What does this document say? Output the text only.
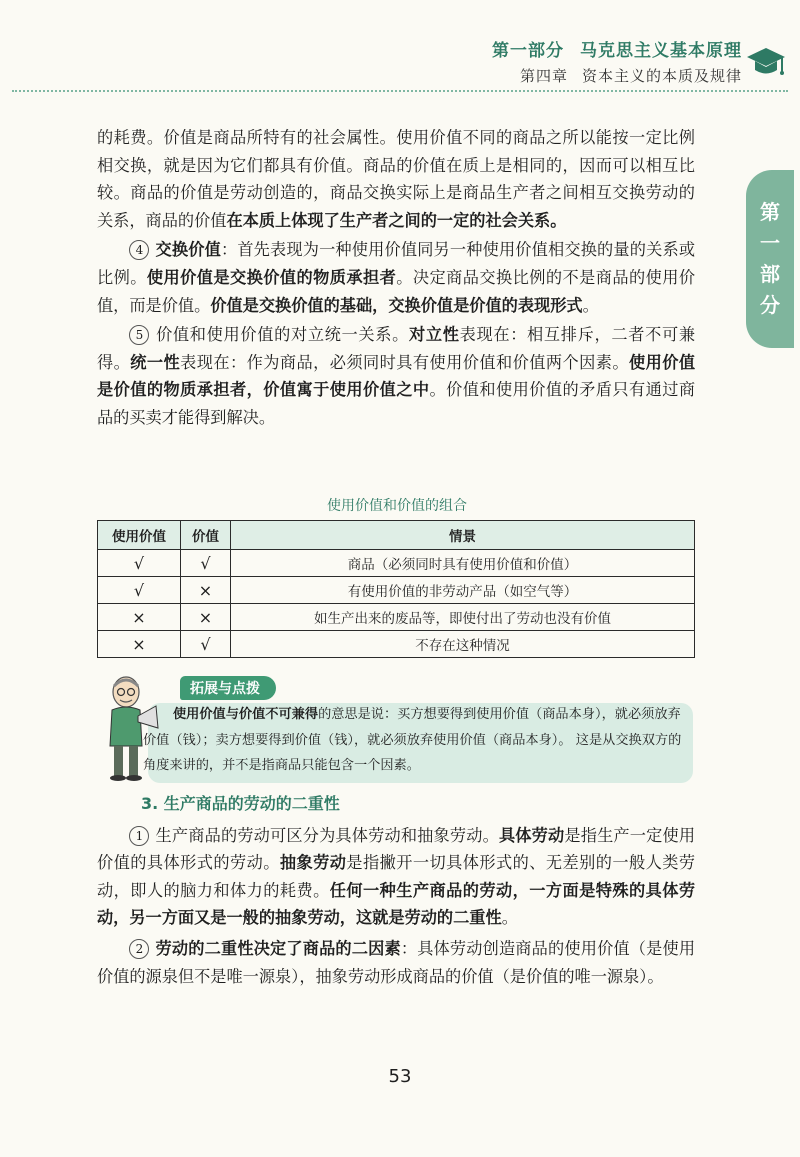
第一部分 马克思主义基本原理
第四章 资本主义的本质及规律
第
一
部
分

的耗费。价值是商品所特有的社会属性。使用价值不同的商品之所以能按一定比例相交换，就是因为它们都具有价值。商品的价值在质上是相同的，因而可以相互比较。商品的价值是劳动创造的，商品交换实际上是商品生产者之间相互交换劳动的关系，商品的价值在本质上体现了生产者之间的一定的社会关系。

4 交换价值：首先表现为一种使用价值同另一种使用价值相交换的量的关系或比例。使用价值是交换价值的物质承担者。决定商品交换比例的不是商品的使用价值，而是价值。价值是交换价值的基础，交换价值是价值的表现形式。

5 价值和使用价值的对立统一关系。对立性表现在：相互排斥，二者不可兼得。统一性表现在：作为商品，必须同时具有使用价值和价值两个因素。使用价值是价值的物质承担者，价值寓于使用价值之中。价值和使用价值的矛盾只有通过商品的买卖才能得到解决。

使用价值和价值的组合
使用价值	价值	情景
√	√	商品（必须同时具有使用价值和价值）
√	×	有使用价值的非劳动产品（如空气等）
×	×	如生产出来的废品等，即使付出了劳动也没有价值
×	√	不存在这种情况
拓展与点拨
使用价值与价值不可兼得的意思是说：买方想要得到使用价值（商品本身），就必须放弃价值（钱）；卖方想要得到价值（钱），就必须放弃使用价值（商品本身）。 这是从交换双方的角度来讲的，并不是指商品只能包含一个因素。

3. 生产商品的劳动的二重性

1 生产商品的劳动可区分为具体劳动和抽象劳动。具体劳动是指生产一定使用价值的具体形式的劳动。抽象劳动是指撇开一切具体形式的、无差别的一般人类劳动，即人的脑力和体力的耗费。任何一种生产商品的劳动，一方面是特殊的具体劳动，另一方面又是一般的抽象劳动，这就是劳动的二重性。

2 劳动的二重性决定了商品的二因素：具体劳动创造商品的使用价值（是使用价值的源泉但不是唯一源泉），抽象劳动形成商品的价值（是价值的唯一源泉）。

53
